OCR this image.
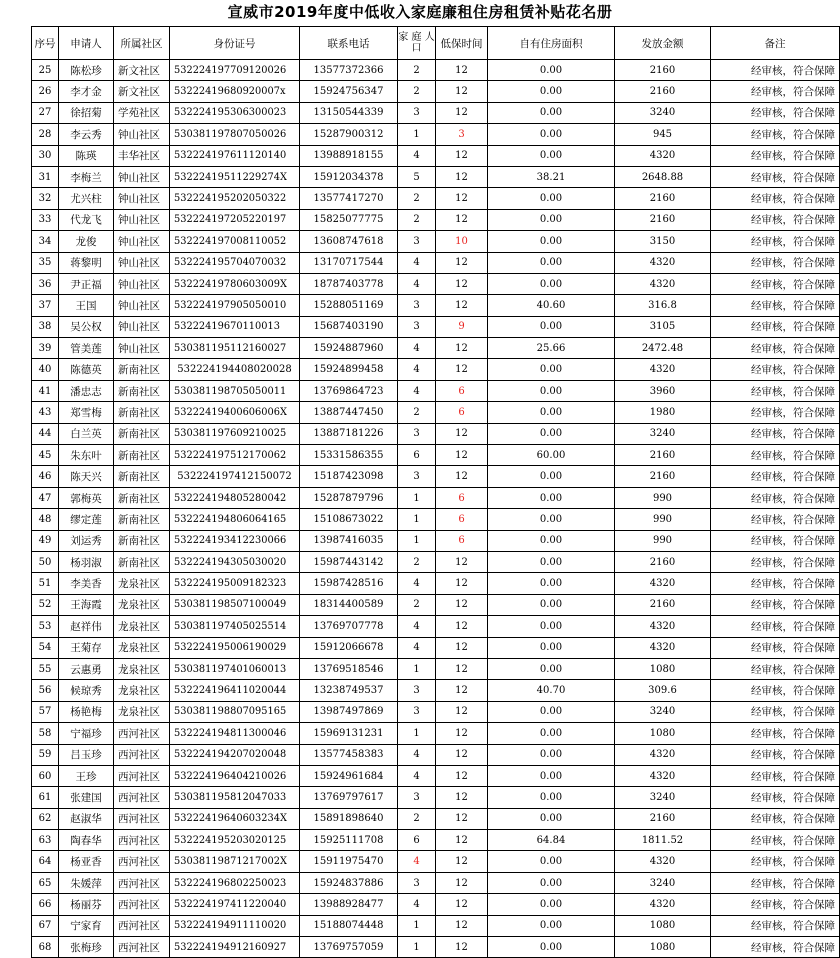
宣威市2019年度中低收入家庭廉租住房租赁补贴花名册
序号	申请人	所属社区	身份证号	联系电话	家 庭 人 口	低保时间	自有住房面积	发放金额	备注
25	陈松珍	新文社区	532224197709120026	13577372366	2	12	0.00	2160	经审核，符合保障
26	李才金	新文社区	53222419680920007x	15924756347	2	12	0.00	2160	经审核，符合保障
27	徐招菊	学苑社区	532224195306300023	13150544339	3	12	0.00	3240	经审核，符合保障
28	李云秀	钟山社区	530381197807050026	15287900312	1	3	0.00	945	经审核，符合保障
30	陈瑛	丰华社区	532224197611120140	13988918155	4	12	0.00	4320	经审核，符合保障
31	李梅兰	钟山社区	53222419511229274X	15912034378	5	12	38.21	2648.88	经审核，符合保障
32	尤兴柱	钟山社区	532224195202050322	13577417270	2	12	0.00	2160	经审核，符合保障
33	代龙飞	钟山社区	532224197205220197	15825077775	2	12	0.00	2160	经审核，符合保障
34	龙俊	钟山社区	532224197008110052	13608747618	3	10	0.00	3150	经审核，符合保障
35	蒋黎明	钟山社区	532224195704070032	13170717544	4	12	0.00	4320	经审核，符合保障
36	尹正福	钟山社区	53222419780603009X	18787403778	4	12	0.00	4320	经审核，符合保障
37	王国	钟山社区	532224197905050010	15288051169	3	12	40.60	316.8	经审核，符合保障
38	吴公权	钟山社区	53222419670110013	15687403190	3	9	0.00	3105	经审核，符合保障
39	管美莲	钟山社区	530381195112160027	15924887960	4	12	25.66	2472.48	经审核，符合保障
40	陈德英	新南社区	532224194408020028	15924899458	4	12	0.00	4320	经审核，符合保障
41	潘忠志	新南社区	530381198705050011	13769864723	4	6	0.00	3960	经审核，符合保障
43	郑雪梅	新南社区	53222419400606006X	13887447450	2	6	0.00	1980	经审核，符合保障
44	白兰英	新南社区	530381197609210025	13887181226	3	12	0.00	3240	经审核，符合保障
45	朱东叶	新南社区	532224197512170062	15331586355	6	12	60.00	2160	经审核，符合保障
46	陈天兴	新南社区	532224197412150072	15187423098	3	12	0.00	2160	经审核，符合保障
47	郭梅英	新南社区	532224194805280042	15287879796	1	6	0.00	990	经审核，符合保障
48	缪定莲	新南社区	532224194806064165	15108673022	1	6	0.00	990	经审核，符合保障
49	刘运秀	新南社区	532224193412230066	13987416035	1	6	0.00	990	经审核，符合保障
50	杨羽淑	新南社区	532224194305030020	15987443142	2	12	0.00	2160	经审核，符合保障
51	李美香	龙泉社区	532224195009182323	15987428516	4	12	0.00	4320	经审核，符合保障
52	王海霞	龙泉社区	530381198507100049	18314400589	2	12	0.00	2160	经审核，符合保障
53	赵祥伟	龙泉社区	530381197405025514	13769707778	4	12	0.00	4320	经审核，符合保障
54	王菊存	龙泉社区	532224195006190029	15912066678	4	12	0.00	4320	经审核，符合保障
55	云惠勇	龙泉社区	530381197401060013	13769518546	1	12	0.00	1080	经审核，符合保障
56	候琼秀	龙泉社区	532224196411020044	13238749537	3	12	40.70	309.6	经审核，符合保障
57	杨艳梅	龙泉社区	530381198807095165	13987497869	3	12	0.00	3240	经审核，符合保障
58	宁福珍	西河社区	532224194811300046	15969131231	1	12	0.00	1080	经审核，符合保障
59	吕玉珍	西河社区	532224194207020048	13577458383	4	12	0.00	4320	经审核，符合保障
60	王珍	西河社区	532224196404210026	15924961684	4	12	0.00	4320	经审核，符合保障
61	张建国	西河社区	530381195812047033	13769797617	3	12	0.00	3240	经审核，符合保障
62	赵淑华	西河社区	53222419640603234X	15891898640	2	12	0.00	2160	经审核，符合保障
63	陶春华	西河社区	532224195203020125	15925111708	6	12	64.84	1811.52	经审核，符合保障
64	杨亚香	西河社区	53038119871217002X	15911975470	4	12	0.00	4320	经审核，符合保障
65	朱媛萍	西河社区	532224196802250023	15924837886	3	12	0.00	3240	经审核，符合保障
66	杨丽芬	西河社区	532224197411220040	13988928477	4	12	0.00	4320	经审核，符合保障
67	宁家育	西河社区	532224194911110020	15188074448	1	12	0.00	1080	经审核，符合保障
68	张梅珍	西河社区	532224194912160927	13769757059	1	12	0.00	1080	经审核，符合保障
